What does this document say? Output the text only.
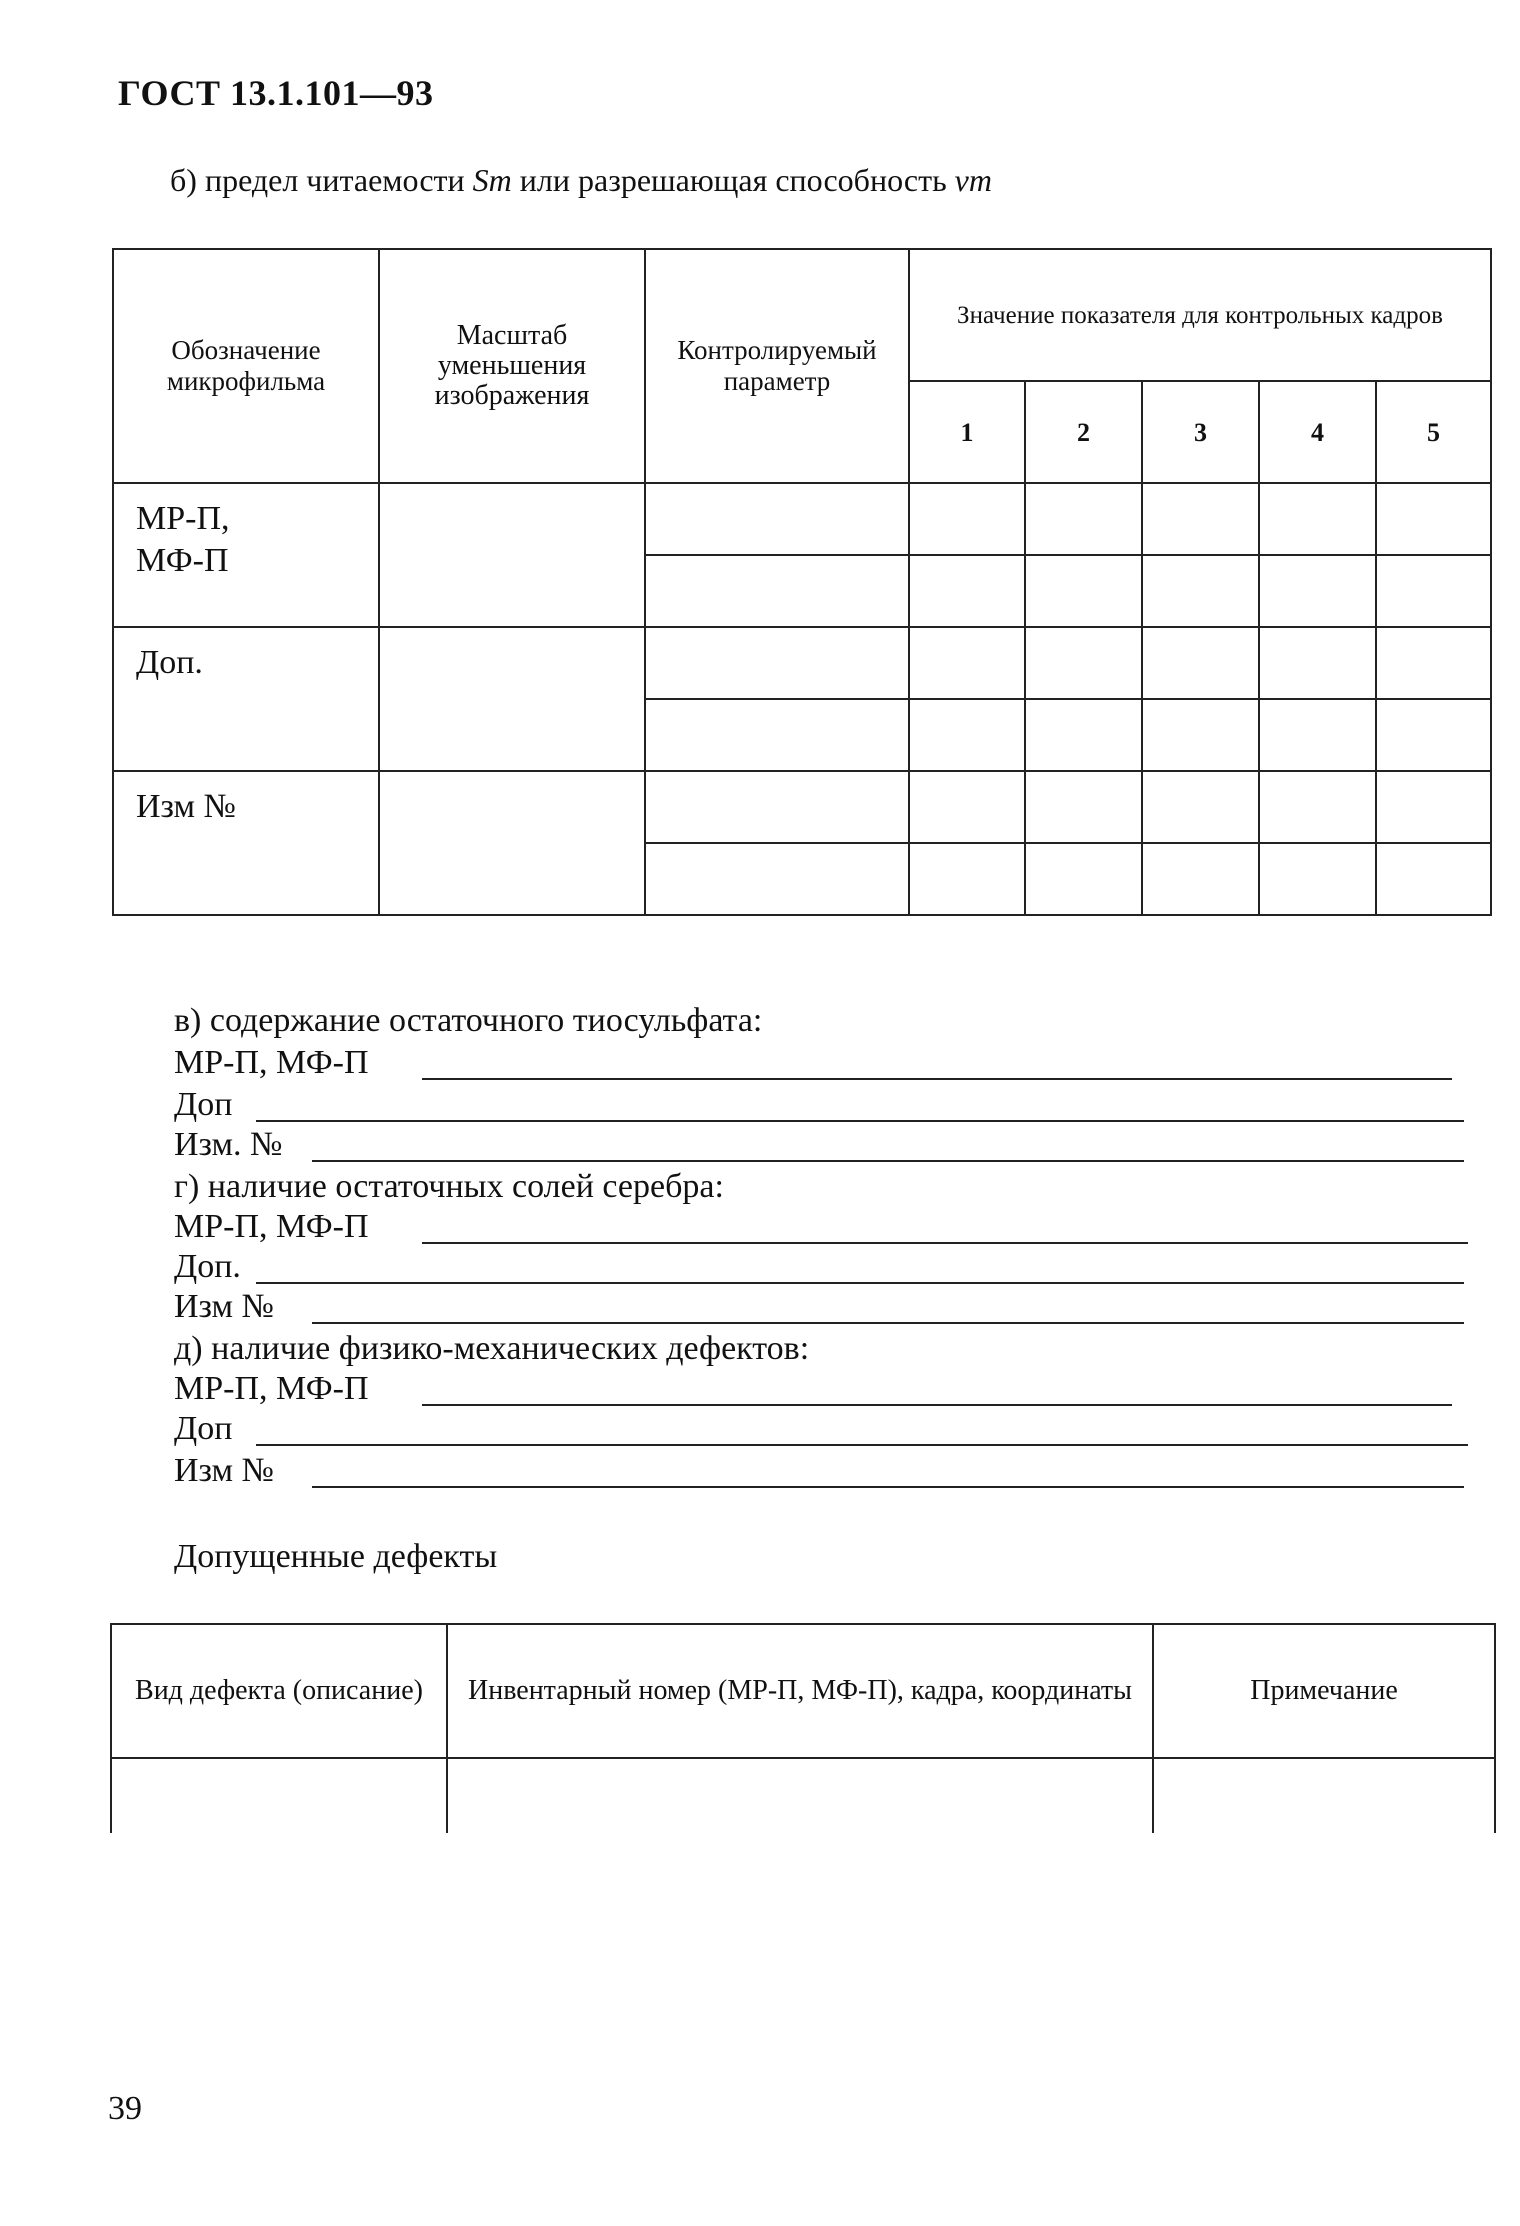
ГОСТ 13.1.101—93
б) предел читаемости Sm или разрешающая способность νm
Обозначение микрофильма	Масштаб уменьшения изображения	Контролируемый параметр	Значение показателя для контрольных кадров				
			1	2	3	4	5
МР-П,
МФ-П							

Доп.							

Изм №							

в) содержание остаточного тиосульфата:
МР-П, МФ-П
Доп
Изм. №
г) наличие остаточных солей серебра:
МР-П, МФ-П
Доп.
Изм №
д) наличие физико-механических дефектов:
МР-П, МФ-П
Доп
Изм №
Допущенные дефекты
Вид дефекта (описание)	Инвентарный номер (МР-П, МФ-П), кадра, координаты	Примечание

39
